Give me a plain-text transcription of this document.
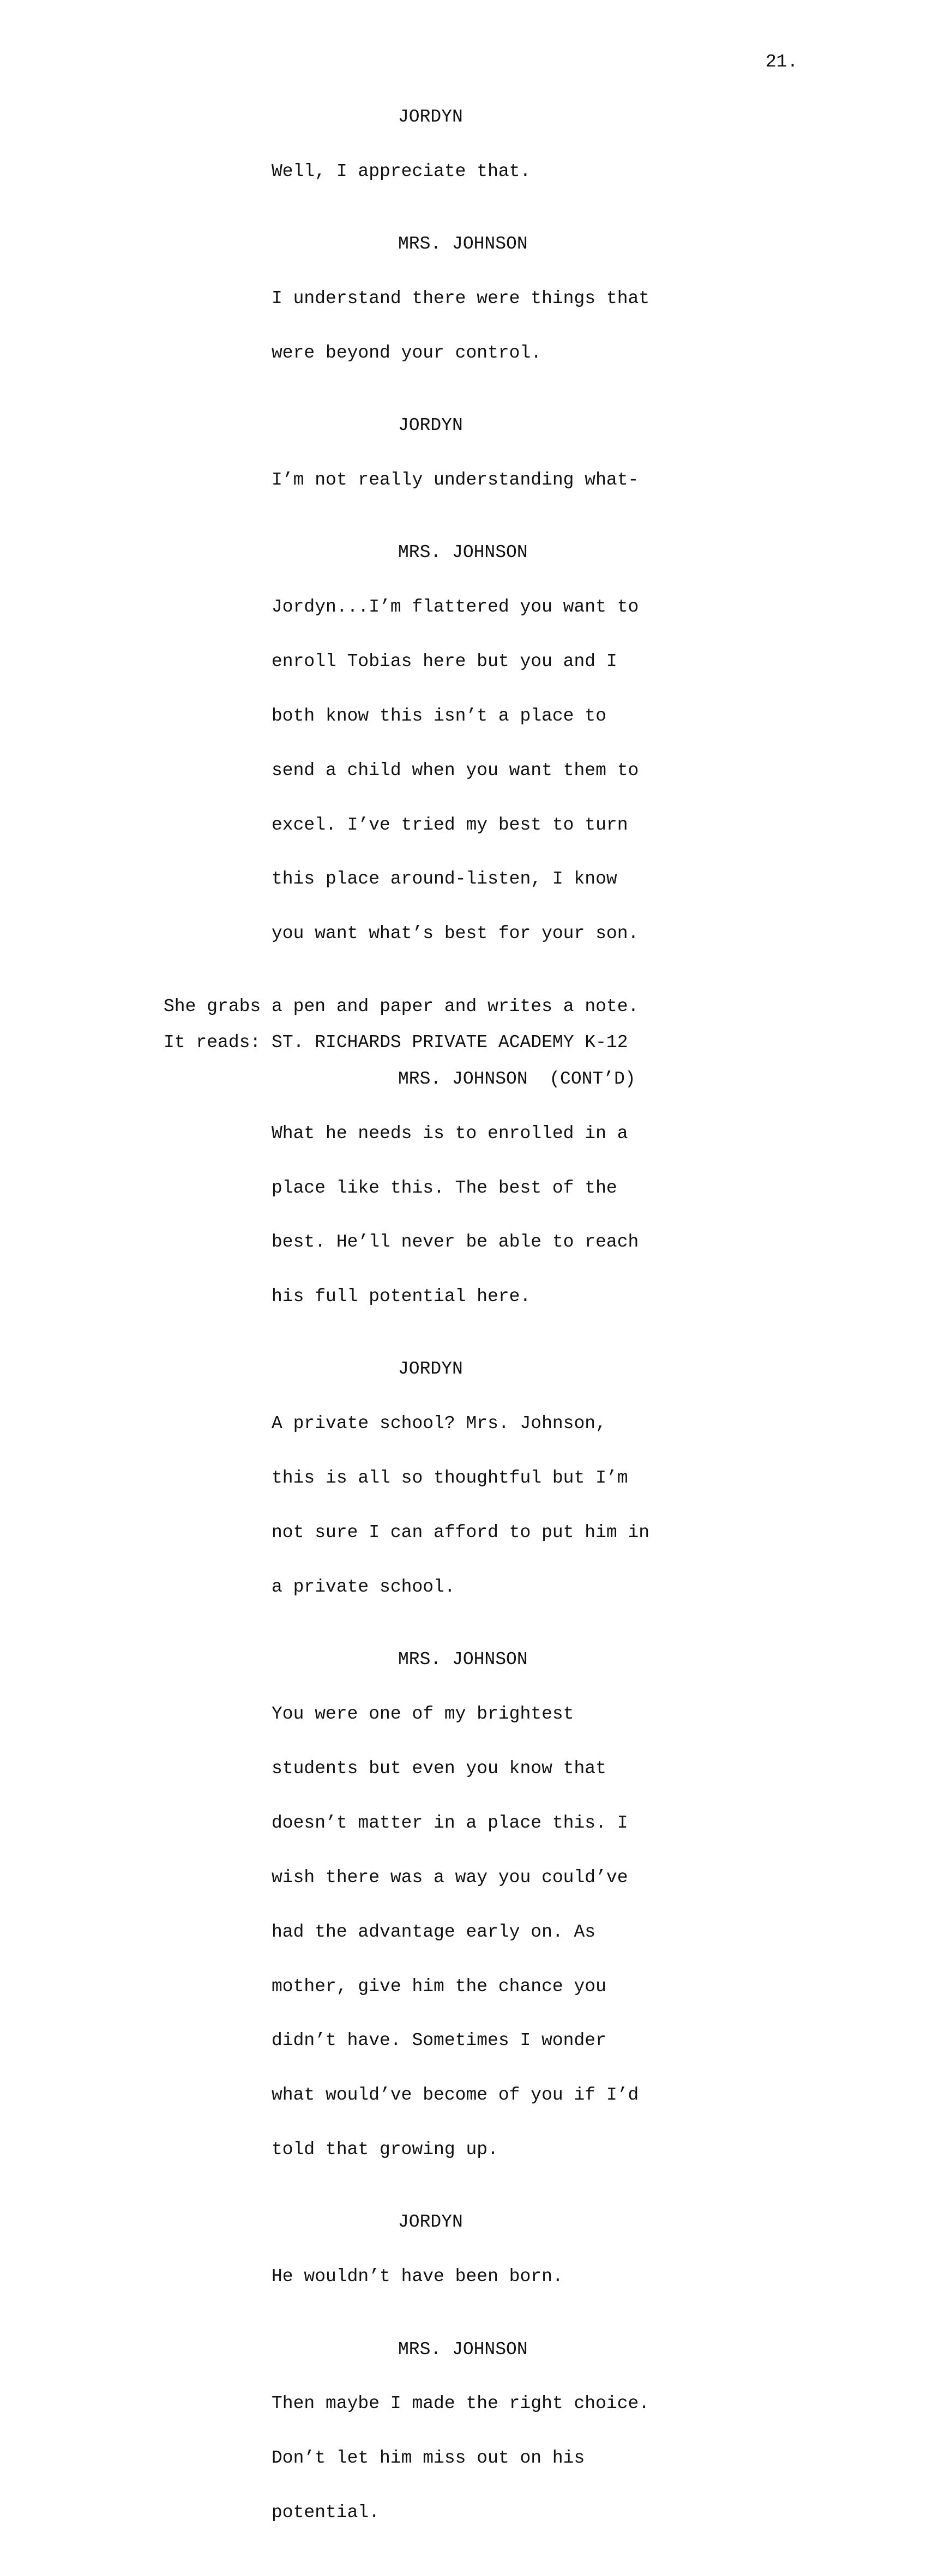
21.
JORDYN

Well, I appreciate that.

MRS. JOHNSON

I understand there were things that

were beyond your control.

JORDYN

I’m not really understanding what-

MRS. JOHNSON

Jordyn...I’m flattered you want to

enroll Tobias here but you and I

both know this isn’t a place to

send a child when you want them to

excel. I’ve tried my best to turn

this place around-listen, I know

you want what’s best for your son.

She grabs a pen and paper and writes a note.
It reads: ST. RICHARDS PRIVATE ACADEMY K-12
MRS. JOHNSON  (CONT’D)

What he needs is to enrolled in a

place like this. The best of the

best. He’ll never be able to reach

his full potential here.

JORDYN

A private school? Mrs. Johnson,

this is all so thoughtful but I’m

not sure I can afford to put him in

a private school.

MRS. JOHNSON

You were one of my brightest

students but even you know that

doesn’t matter in a place this. I

wish there was a way you could’ve

had the advantage early on. As

mother, give him the chance you

didn’t have. Sometimes I wonder

what would’ve become of you if I’d

told that growing up.

JORDYN

He wouldn’t have been born.

MRS. JOHNSON

Then maybe I made the right choice.

Don’t let him miss out on his

potential.
